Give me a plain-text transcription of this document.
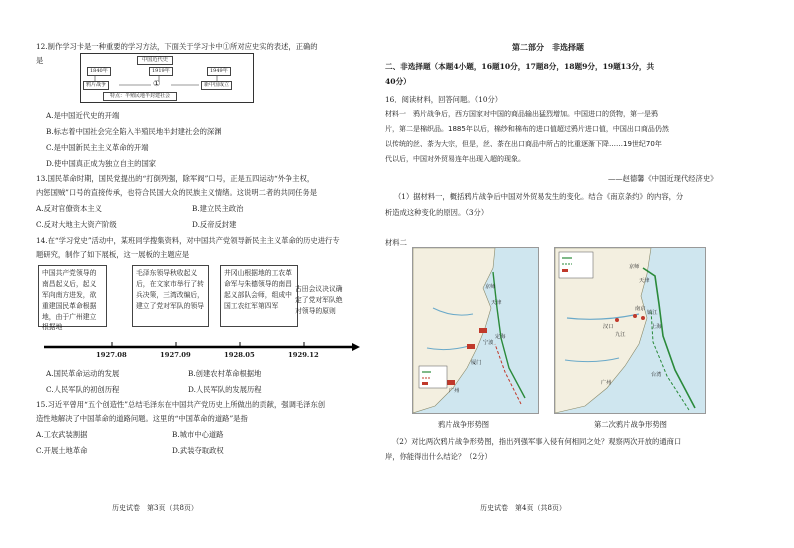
12.制作学习卡是一种重要的学习方法，下面关于学习卡中①所对应史实的表述，正确的
是	中国近代史
1840年	1919年	1949年
鸦片战争	①	新中国成立
特点：半殖民地半封建社会
A.是中国近代史的开端
B.标志着中国社会完全陷入半殖民地半封建社会的深渊
C.是中国新民主主义革命的开端
D.使中国真正成为独立自主的国家
13.国民革命时期，国民党提出的“打倒列强，除军阀”口号，正是五四运动“外争主权，
内惩国贼”口号的直接传承，也符合民国大众的民族主义情绪。这说明二者的共同任务是
A.反对官僚资本主义	B.建立民主政治
C.反对大地主大资产阶级	D.反帝反封建
14.在“学习党史”活动中，某班同学搜集资料，对中国共产党领导新民主主义革命的历史进行专
题研究，制作了如下展板，这一展板的主题应是
中国共产党领导的南昌起义后，起义军向南方进发，欲重建国民革命根据地，由于广州建立根据地
毛泽东领导秋收起义后，在文家市举行了转兵决策，三湾改编后，建立了党对军队的领导
井冈山根据地的工农革命军与朱德领导的南昌起义部队会师，组成中国工农红军第四军
古田会议决议确定了党对军队绝对领导的原则
1927.08	1927.09	1928.05	1929.12
A.国民革命运动的发展	B.创建农村革命根据地
C.人民军队的初创历程	D.人民军队的发展历程
15.习近平曾用“五个创造性”总结毛泽东在中国共产党历史上所做出的贡献，强调毛泽东创
造性地解决了中国革命的道路问题。这里的“中国革命的道路”是指
A.工农武装割据	B.城市中心道路
C.开展土地革命	D.武装夺取政权
历史试卷　第3页（共8页）
第二部分　非选择题
二、非选择题（本题4小题，16题10分，17题8分，18题9分，19题13分，共
40分）
16．阅读材料，回答问题。（10分）
材料一　鸦片战争后，西方国家对中国的商品输出猛烈增加。中国进口的货物，第一是鸦
片，第二是棉织品。1885年以后，棉纱和棉布的进口值超过鸦片进口值，中国出口商品仍然
以传统的丝、茶为大宗，但是，丝、茶在出口商品中所占的比重逐渐下降……19世纪70年
代以后，中国对外贸易连年出现入超的现象。
——赵德馨《中国近现代经济史》
（1）据材料一，概括鸦片战争后中国对外贸易发生的变化。结合《南京条约》的内容，分
析造成这种变化的原因。（3分）
材料二
京师
天津
定海
宁波
厦门
广州
京师
天津
汉口
九江
南京
镇江
上海
广州
台湾
鸦片战争形势图	第二次鸦片战争形势图
（2）对比两次鸦片战争形势图，指出列强军事入侵有何相同之处？观察两次开放的通商口
岸，你能得出什么结论？（2分）
历史试卷　第4页（共8页）
